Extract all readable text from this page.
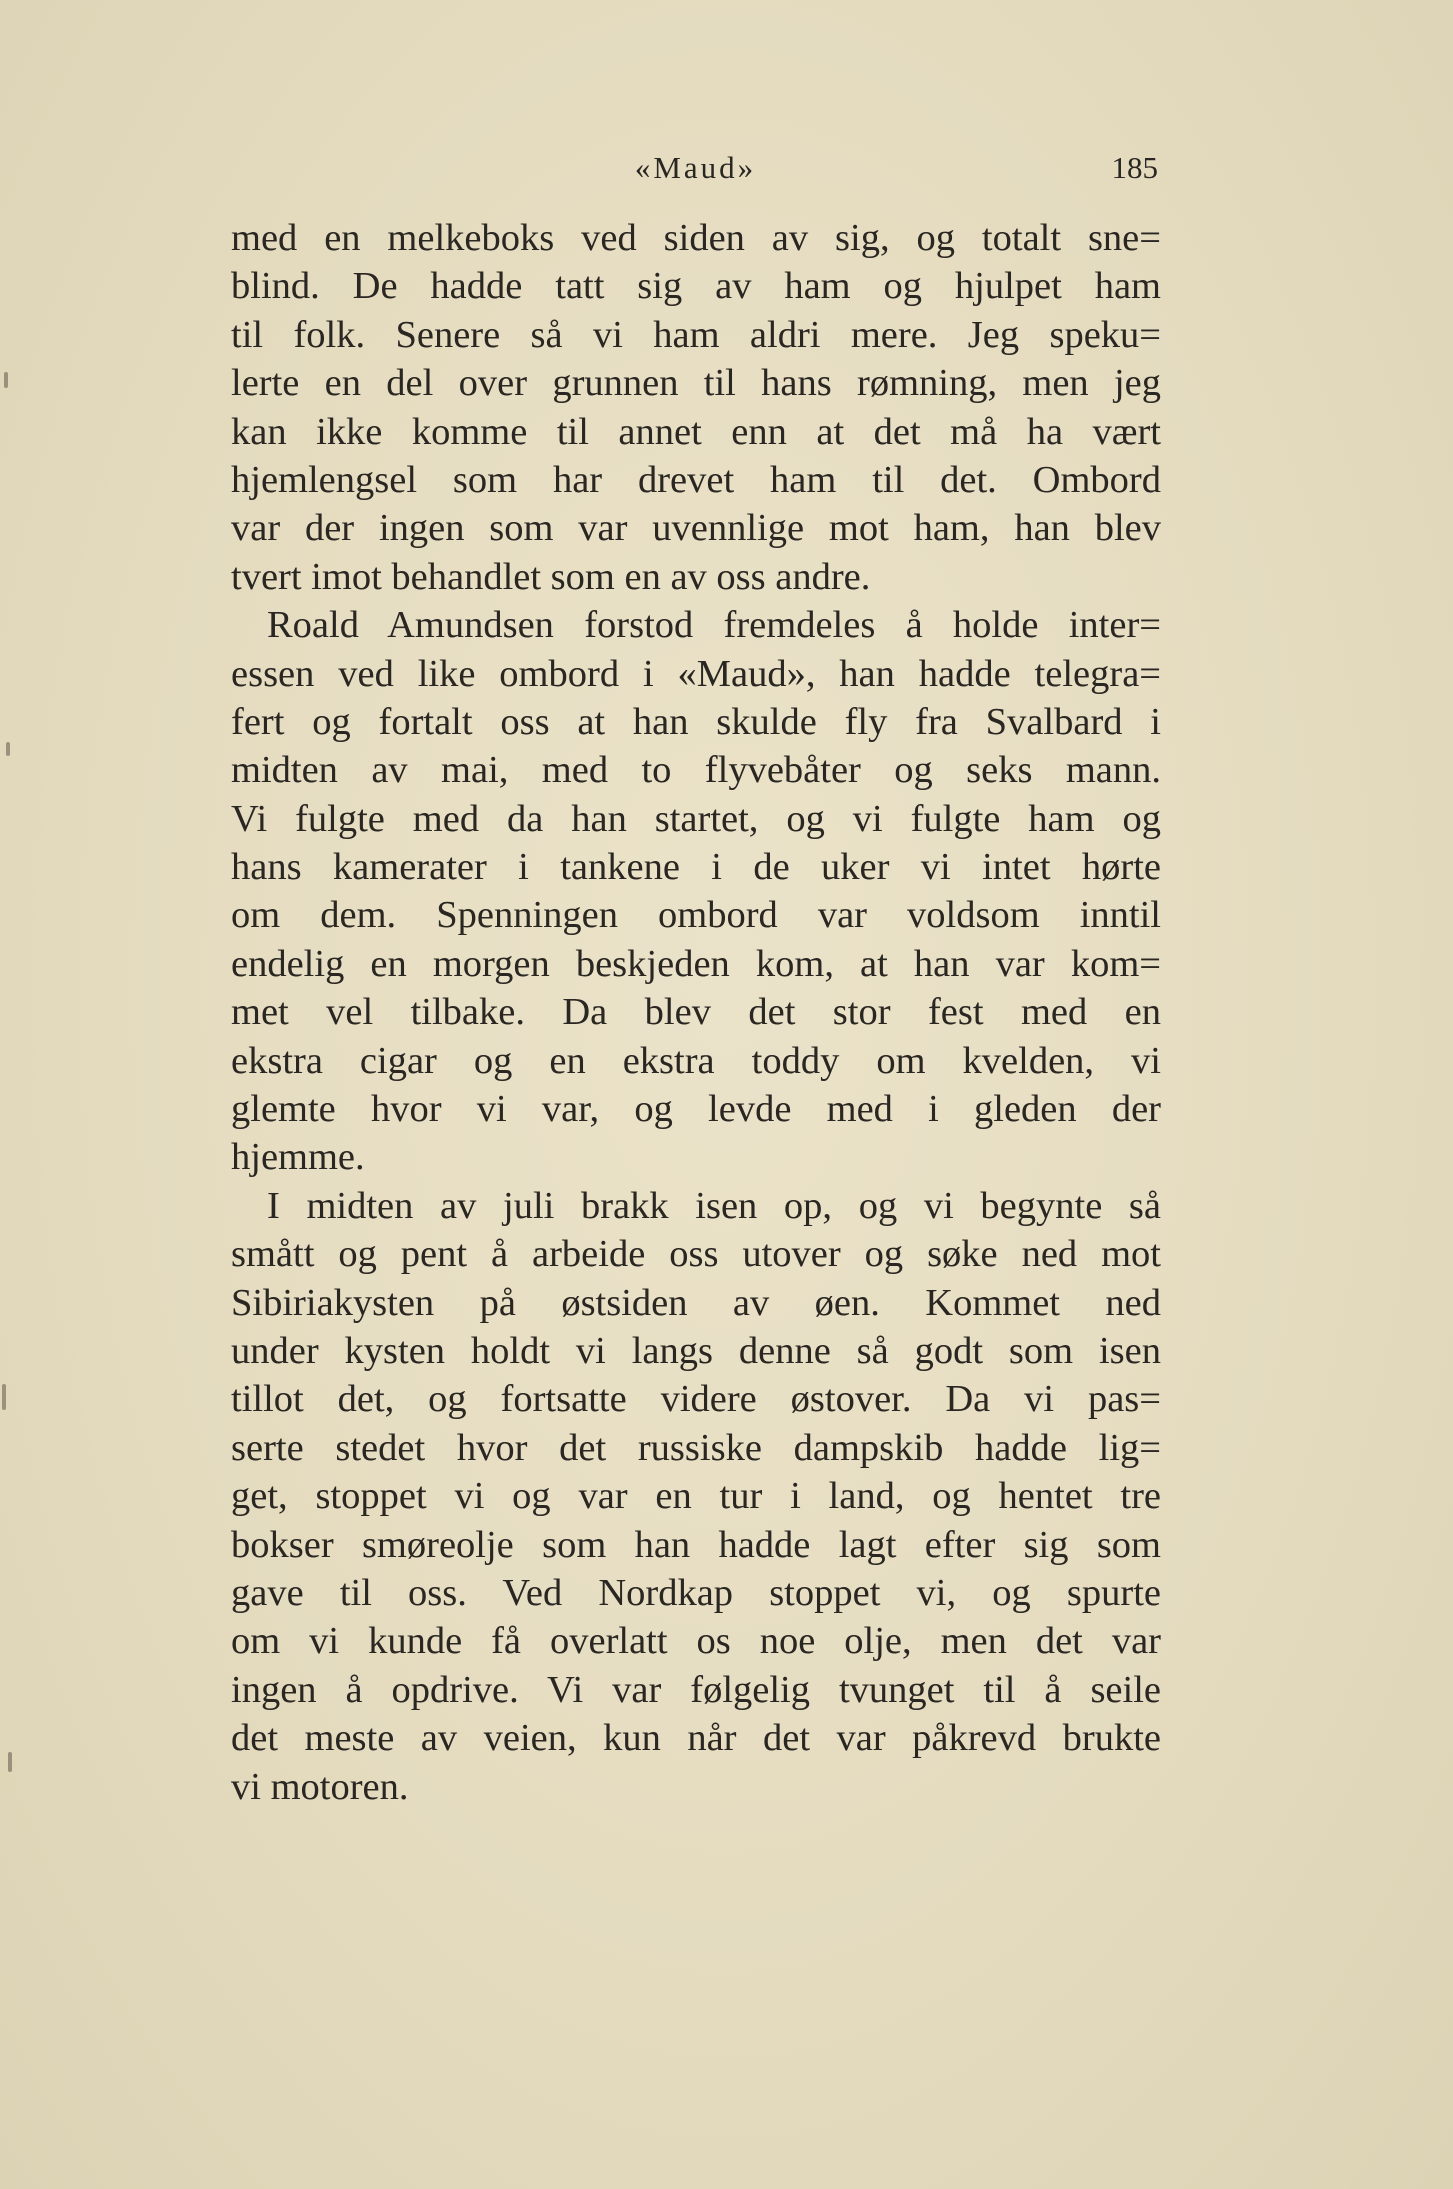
«Maud»	185
med en melkeboks ved siden av sig, og totalt sne=
blind. De hadde tatt sig av ham og hjulpet ham
til folk. Senere så vi ham aldri mere. Jeg speku=
lerte en del over grunnen til hans rømning, men jeg
kan ikke komme til annet enn at det må ha vært
hjemlengsel som har drevet ham til det. Ombord
var der ingen som var uvennlige mot ham, han blev
tvert imot behandlet som en av oss andre.
Roald Amundsen forstod fremdeles å holde inter=
essen ved like ombord i «Maud», han hadde telegra=
fert og fortalt oss at han skulde fly fra Svalbard i
midten av mai, med to flyvebåter og seks mann.
Vi fulgte med da han startet, og vi fulgte ham og
hans kamerater i tankene i de uker vi intet hørte
om dem. Spenningen ombord var voldsom inntil
endelig en morgen beskjeden kom, at han var kom=
met vel tilbake. Da blev det stor fest med en
ekstra cigar og en ekstra toddy om kvelden, vi
glemte hvor vi var, og levde med i gleden der
hjemme.
I midten av juli brakk isen op, og vi begynte så
smått og pent å arbeide oss utover og søke ned mot
Sibiriakysten på østsiden av øen. Kommet ned
under kysten holdt vi langs denne så godt som isen
tillot det, og fortsatte videre østover. Da vi pas=
serte stedet hvor det russiske dampskib hadde lig=
get, stoppet vi og var en tur i land, og hentet tre
bokser smøreolje som han hadde lagt efter sig som
gave til oss. Ved Nordkap stoppet vi, og spurte
om vi kunde få overlatt os noe olje, men det var
ingen å opdrive. Vi var følgelig tvunget til å seile
det meste av veien, kun når det var påkrevd brukte
vi motoren.
